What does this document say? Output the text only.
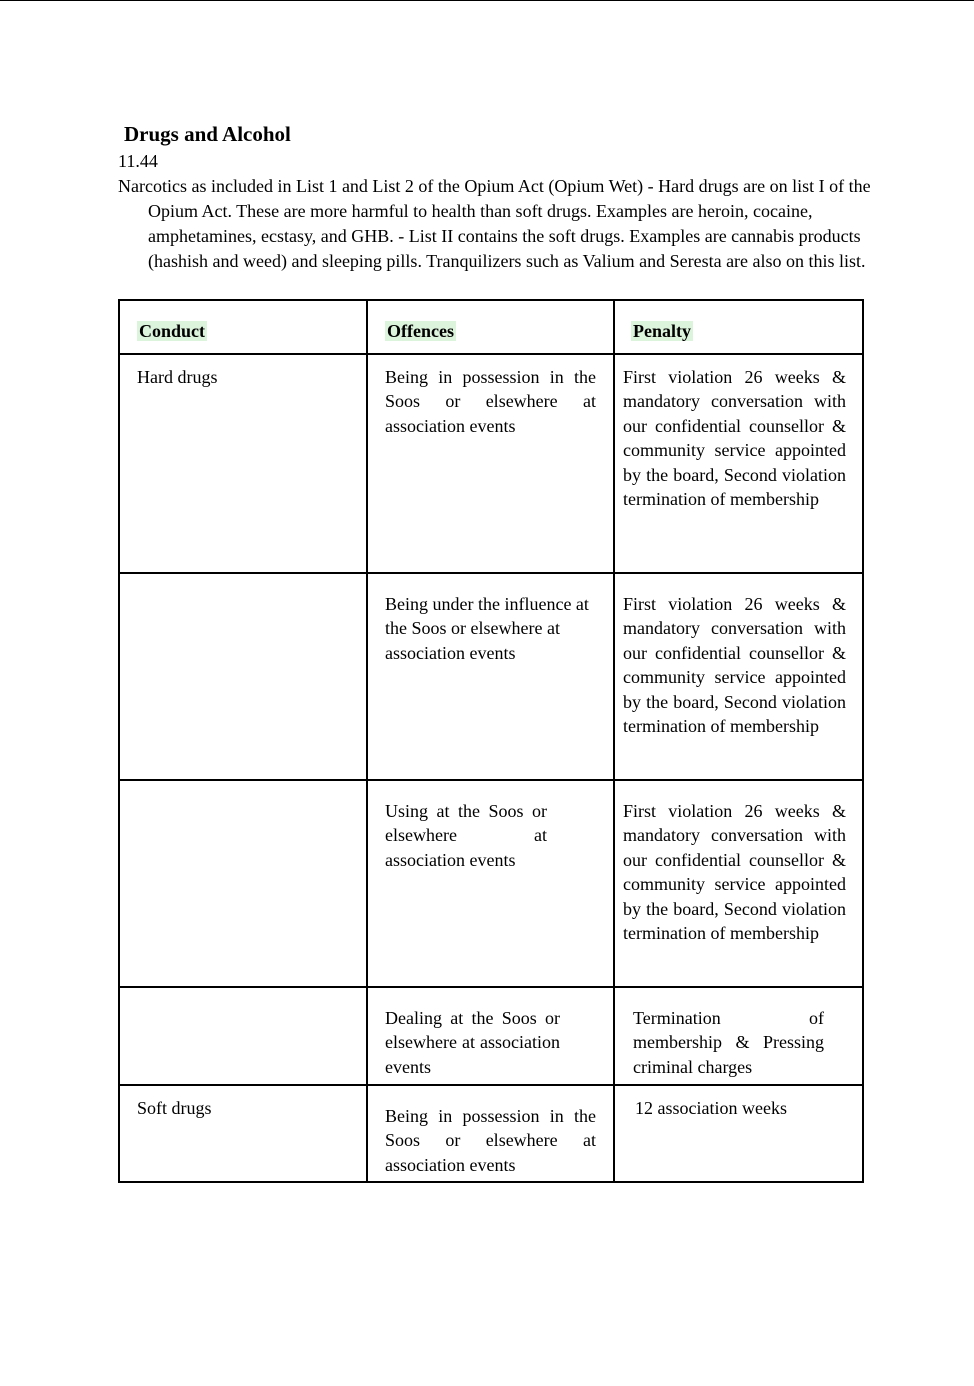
Drugs and Alcohol
11.44

Narcotics as included in List 1 and List 2 of the Opium Act (Opium Wet) - Hard drugs are on list I of the Opium Act. These are more harmful to health than soft drugs. Examples are heroin, cocaine, amphetamines, ecstasy, and GHB. - List II contains the soft drugs. Examples are cannabis products (hashish and weed) and sleeping pills. Tranquilizers such as Valium and Seresta are also on this list.

Conduct	Offences	Penalty

Hard drugs	Being in possession in the Soos or elsewhere at association events	First violation 26 weeks & mandatory conversation with our confidential counsellor & community service appointed by the board, Second violation termination of membership

	Being under the influence at the Soos or elsewhere at association events	First violation 26 weeks & mandatory conversation with our confidential counsellor & community service appointed by the board, Second violation termination of membership

	Using at the Soos or elsewhere at association events	First violation 26 weeks & mandatory conversation with our confidential counsellor & community service appointed by the board, Second violation termination of membership

	Dealing at the Soos or elsewhere at association events	Termination of membership & Pressing criminal charges

Soft drugs	Being in possession in the Soos or elsewhere at association events	12 association weeks
